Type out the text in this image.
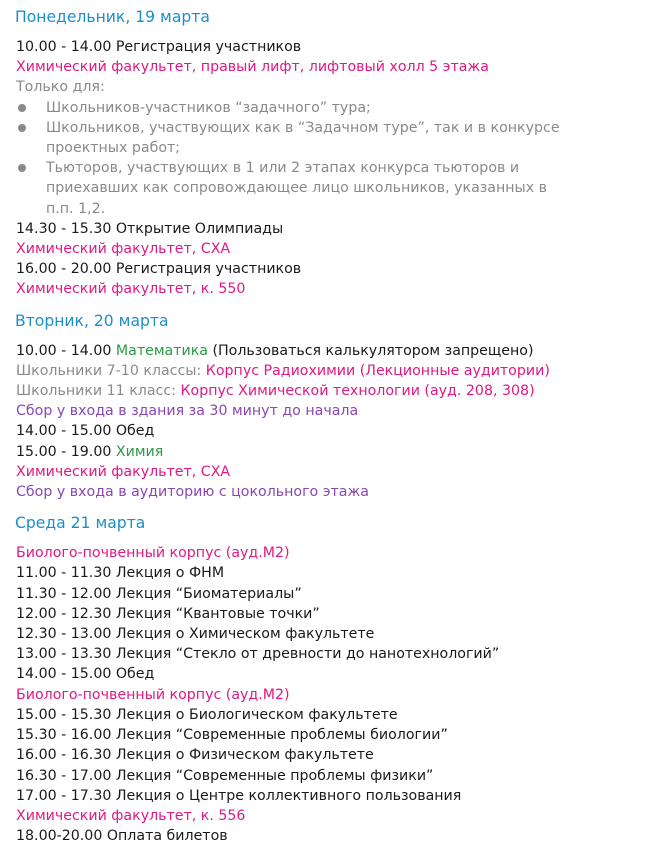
Понедельник, 19 марта
10.00 - 14.00 Регистрация участников
Химический факультет, правый лифт, лифтовый холл 5 этажа
Только для:
Школьников-участников “задачного” тура;
Школьников, участвующих как в “Задачном туре”, так и в конкурсе проектных работ;
Тьюторов, участвующих в 1 или 2 этапах конкурса тьюторов и приехавших как сопровождающее лицо школьников, указанных в п.п. 1,2.
14.30 - 15.30 Открытие Олимпиады
Химический факультет, СХА
16.00 - 20.00 Регистрация участников
Химический факультет, к. 550
Вторник, 20 марта
10.00 - 14.00 Математика (Пользоваться калькулятором запрещено)
Школьники 7-10 классы: Корпус Радиохимии (Лекционные аудитории)
Школьники 11 класс: Корпус Химической технологии (ауд. 208, 308)
Сбор у входа в здания за 30 минут до начала
14.00 - 15.00 Обед
15.00 - 19.00 Химия
Химический факультет, СХА
Сбор у входа в аудиторию с цокольного этажа
Среда 21 марта
Биолого-почвенный корпус (ауд.М2)
11.00 - 11.30 Лекция о ФНМ
11.30 - 12.00 Лекция “Биоматериалы”
12.00 - 12.30 Лекция “Квантовые точки”
12.30 - 13.00 Лекция о Химическом факультете
13.00 - 13.30 Лекция “Стекло от древности до нанотехнологий”
14.00 - 15.00 Обед
Биолого-почвенный корпус (ауд.М2)
15.00 - 15.30 Лекция о Биологическом факультете
15.30 - 16.00 Лекция “Современные проблемы биологии”
16.00 - 16.30 Лекция о Физическом факультете
16.30 - 17.00 Лекция “Современные проблемы физики”
17.00 - 17.30 Лекция о Центре коллективного пользования
Химический факультет, к. 556
18.00-20.00 Оплата билетов
